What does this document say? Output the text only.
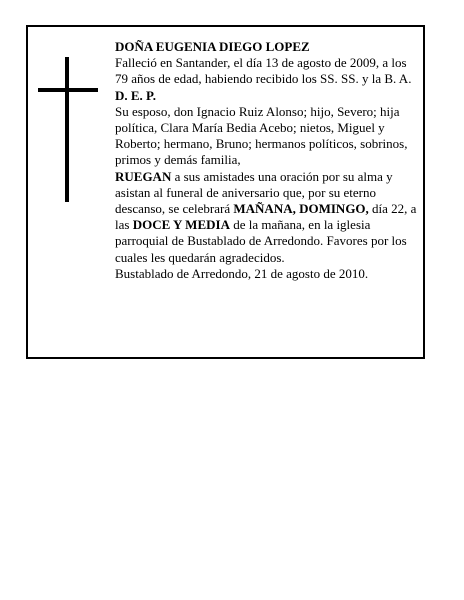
DOÑA EUGENIA DIEGO LOPEZ

Falleció en Santander, el día 13 de agosto de 2009, a los 79 años de edad, habiendo recibido los SS. SS. y la B. A.

D. E. P.

Su esposo, don Ignacio Ruiz Alonso; hijo, Severo; hija política, Clara María Bedia Acebo; nietos, Miguel y Roberto; hermano, Bruno; hermanos políticos, sobrinos, primos y demás familia,

RUEGAN a sus amistades una oración por su alma y asistan al funeral de aniversario que, por su eterno descanso, se celebrará MAÑANA, DOMINGO, día 22, a las DOCE Y MEDIA de la mañana, en la iglesia parroquial de Bustablado de Arredondo. Favores por los cuales les quedarán agradecidos.

Bustablado de Arredondo, 21 de agosto de 2010.
